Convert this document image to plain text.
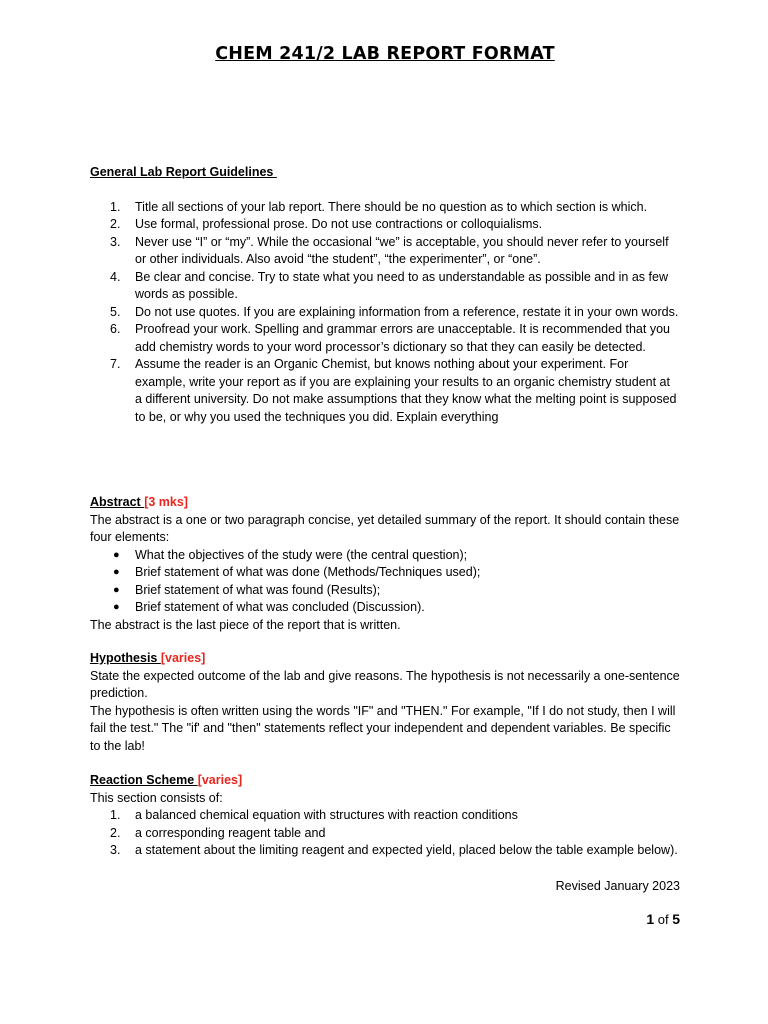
CHEM 241/2 LAB REPORT FORMAT
General Lab Report Guidelines
1.	Title all sections of your lab report. There should be no question as to which section is which.
2.	Use formal, professional prose. Do not use contractions or colloquialisms.
3.	Never use “I” or “my”. While the occasional “we” is acceptable, you should never refer to yourself or other individuals. Also avoid “the student”, “the experimenter”, or “one”.
4.	Be clear and concise. Try to state what you need to as understandable as possible and in as few words as possible.
5.	Do not use quotes. If you are explaining information from a reference, restate it in your own words.
6.	Proofread your work. Spelling and grammar errors are unacceptable. It is recommended that you add chemistry words to your word processor’s dictionary so that they can easily be detected.
7.	Assume the reader is an Organic Chemist, but knows nothing about your experiment. For example, write your report as if you are explaining your results to an organic chemistry student at a different university. Do not make assumptions that they know what the melting point is supposed to be, or why you used the techniques you did. Explain everything
Abstract [3 mks]

The abstract is a one or two paragraph concise, yet detailed summary of the report. It should contain these four elements:

● What the objectives of the study were (the central question);
● Brief statement of what was done (Methods/Techniques used);
● Brief statement of what was found (Results);
● Brief statement of what was concluded (Discussion).

The abstract is the last piece of the report that is written.

Hypothesis [varies]

State the expected outcome of the lab and give reasons. The hypothesis is not necessarily a one-sentence prediction.

The hypothesis is often written using the words "IF" and "THEN." For example, "If I do not study, then I will fail the test." The "if' and "then" statements reflect your independent and dependent variables. Be specific to the lab!

Reaction Scheme [varies]

This section consists of:

1.	a balanced chemical equation with structures with reaction conditions
2.	a corresponding reagent table and
3.	a statement about the limiting reagent and expected yield, placed below the table example below).
Revised January 2023
1 of 5
